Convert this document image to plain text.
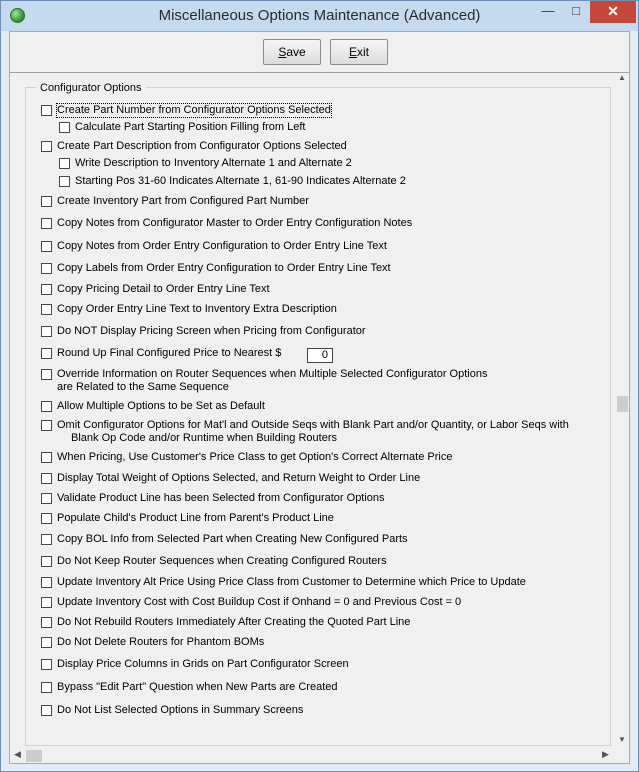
Miscellaneous Options Maintenance (Advanced)	—	□	✕
Save	Exit
Configurator Options
Create Part Number from Configurator Options Selected
Calculate Part Starting Position Filling from Left
Create Part Description from Configurator Options Selected
Write Description to Inventory Alternate 1 and Alternate 2
Starting Pos 31-60 Indicates Alternate 1, 61-90 Indicates Alternate 2
Create Inventory Part from Configured Part Number
Copy Notes from Configurator Master to Order Entry Configuration Notes
Copy Notes from Order Entry Configuration to Order Entry Line Text
Copy Labels from Order Entry Configuration to Order Entry Line Text
Copy Pricing Detail to Order Entry Line Text
Copy Order Entry Line Text to Inventory Extra Description
Do NOT Display Pricing Screen when Pricing from Configurator
Round Up Final Configured Price to Nearest $	0
Override Information on Router Sequences when Multiple Selected Configurator Options
are Related to the Same Sequence
Allow Multiple Options to be Set as Default
Omit Configurator Options for Mat'l and Outside Seqs with Blank Part and/or Quantity, or Labor Seqs with
Blank Op Code and/or Runtime when Building Routers
When Pricing, Use Customer's Price Class to get Option's Correct Alternate Price
Display Total Weight of Options Selected, and Return Weight to Order Line
Validate Product Line has been Selected from Configurator Options
Populate Child's Product Line from Parent's Product Line
Copy BOL Info from Selected Part when Creating New Configured Parts
Do Not Keep Router Sequences when Creating Configured Routers
Update Inventory Alt Price Using Price Class from Customer to Determine which Price to Update
Update Inventory Cost with Cost Buildup Cost if Onhand = 0 and Previous Cost = 0
Do Not Rebuild Routers Immediately After Creating the Quoted Part Line
Do Not Delete Routers for Phantom BOMs
Display Price Columns in Grids on Part Configurator Screen
Bypass "Edit Part" Question when New Parts are Created
Do Not List Selected Options in Summary Screens
▲
▼
◀	▶
